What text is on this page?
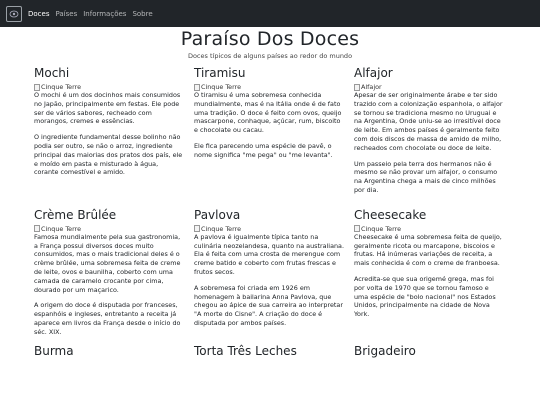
Doces Países Informações Sobre
Paraíso Dos Doces
Doces típicos de alguns países ao redor do mundo
Mochi
Cinque Terre

O mochi é um dos docinhos mais consumidos no Japão, principalmente em festas. Ele pode ser de vários sabores, recheado com morangos, cremes e essências.

O ingrediente fundamental desse bolinho não podia ser outro, se não o arroz, ingrediente principal das maiorias dos pratos dos país, ele e moído em pasta e misturado à água, corante comestível e amido.

Tiramisu
Cinque Terre

O tiramisu é uma sobremesa conhecida mundialmente, mas é na Itália onde é de fato uma tradição. O doce é feito com ovos, queijo mascarpone, conhaque, açúcar, rum, biscoito e chocolate ou cacau.

Ele fica parecendo uma espécie de pavê, o nome significa "me pega" ou "me levanta".

Alfajor
Alfajor

Apesar de ser originalmente árabe e ter sido trazido com a colonização espanhola, o alfajor se tornou se tradiciona mesmo no Uruguai e na Argentina, Onde uniu-se ao irresitível doce de leite. Em ambos países é geralmente feito com dois discos de massa de amido de milho, recheados com chocolate ou doce de leite.

Um passeio pela terra dos hermanos não é mesmo se não provar um alfajor, o consumo na Argentina chega a mais de cinco milhões por dia.

Crème Brûlée
Cinque Terre

Famosa mundialmente pela sua gastronomia, a França possui diversos doces muito consumidos, mas o mais tradicional deles é o crème brûlée, uma sobremesa feita de creme de leite, ovos e baunilha, coberto com uma camada de caramelo crocante por cima, dourado por um maçarico.

A origem do doce é disputada por franceses, espanhóis e ingleses, entretanto a receita já aparece em livros da França desde o início do séc. XIX.

Pavlova
Cinque Terre

A pavlova é igualmente típica tanto na culinária neozelandesa, quanto na australiana. Ela é feita com uma crosta de merengue com creme batido e coberto com frutas frescas e frutos secos.

A sobremesa foi criada em 1926 em homenagem à bailarina Anna Pavlova, que chegou ao ápice de sua carreira ao interpretar "A morte do Cisne". A criação do doce é disputada por ambos países.

Cheesecake
Cinque Terre

Cheesecake é uma sobremesa feita de queijo, geralmente ricota ou marcapone, biscoios e frutas. Há inúmeras variações de receita, a mais conhecida é com o creme de franboesa.

Acredita-se que sua origemé grega, mas foi por volta de 1970 que se tornou famoso e uma espécie de "bolo nacional" nos Estados Unidos, principalmente na cidade de Nova York.

Burma	Torta Três Leches	Brigadeiro
